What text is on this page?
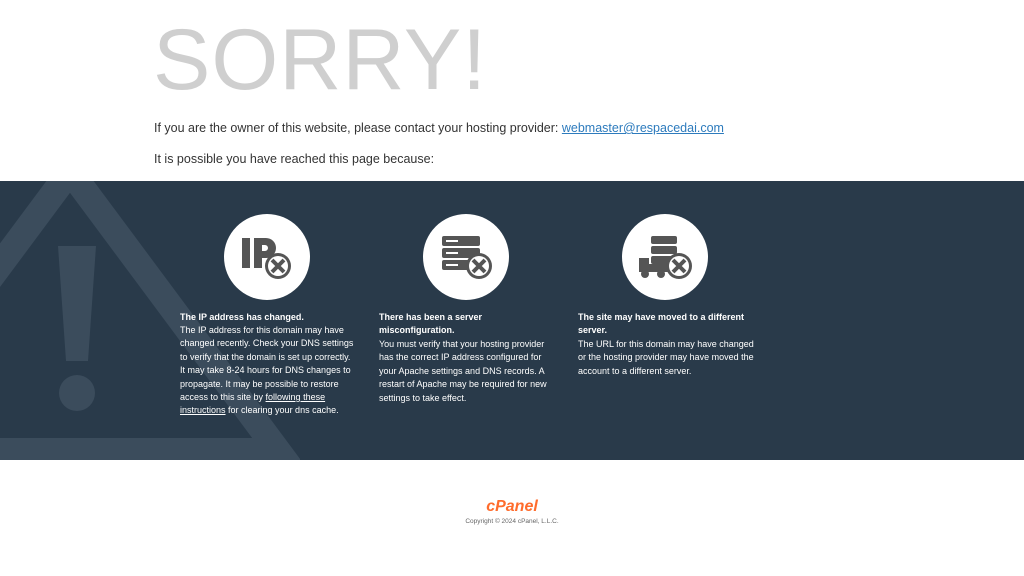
SORRY!
If you are the owner of this website, please contact your hosting provider: webmaster@respacedai.com
It is possible you have reached this page because:
The IP address has changed.
The IP address for this domain may have changed recently. Check your DNS settings to verify that the domain is set up correctly. It may take 8-24 hours for DNS changes to propagate. It may be possible to restore access to this site by following these instructions for clearing your dns cache.
There has been a server misconfiguration.
You must verify that your hosting provider has the correct IP address configured for your Apache settings and DNS records. A restart of Apache may be required for new settings to take effect.
The site may have moved to a different server.
The URL for this domain may have changed or the hosting provider may have moved the account to a different server.
cPanel
Copyright © 2024 cPanel, L.L.C.
